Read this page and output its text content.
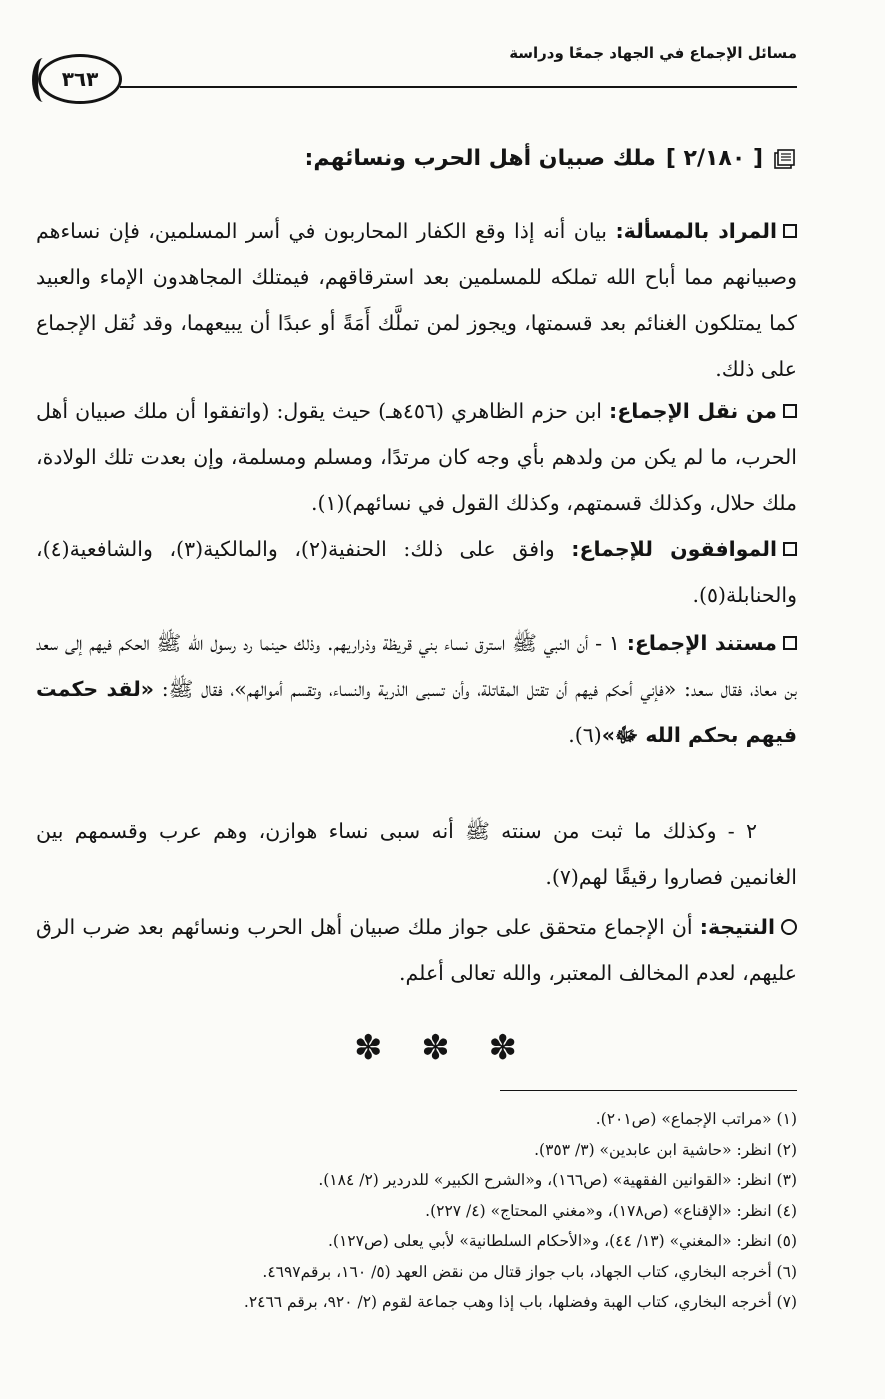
مسائل الإجماع في الجهاد جمعًا ودراسة
٣٦٣
[ ٢/١٨٠ ]
ملك صبيان أهل الحرب ونسائهم:

المراد بالمسألة: بيان أنه إذا وقع الكفار المحاربون في أسر المسلمين، فإن نساءهم وصبيانهم مما أباح الله تملكه للمسلمين بعد استرقاقهم، فيمتلك المجاهدون الإماء والعبيد كما يمتلكون الغنائم بعد قسمتها، ويجوز لمن تملَّك أَمَةً أو عبدًا أن يبيعهما، وقد نُقل الإجماع على ذلك.

من نقل الإجماع: ابن حزم الظاهري (٤٥٦هـ) حيث يقول: (واتفقوا أن ملك صبيان أهل الحرب، ما لم يكن من ولدهم بأي وجه كان مرتدًا، ومسلم ومسلمة، وإن بعدت تلك الولادة، ملك حلال، وكذلك قسمتهم، وكذلك القول في نسائهم)(١).

الموافقون للإجماع: وافق على ذلك: الحنفية(٢)، والمالكية(٣)، والشافعية(٤)، والحنابلة(٥).

مستند الإجماع: ١ - أن النبي ﷺ استرق نساء بني قريظة وذراريهم. وذلك حينما رد رسول الله ﷺ الحكم فيهم إلى سعد بن معاذ، فقال سعد: «فإني أحكم فيهم أن تقتل المقاتلة، وأن تسبى الذرية والنساء، وتقسم أموالهم»، فقال ﷺ: «لقد حكمت فيهم بحكم الله ﷻ»(٦).

٢ - وكذلك ما ثبت من سنته ﷺ أنه سبى نساء هوازن، وهم عرب وقسمهم بين الغانمين فصاروا رقيقًا لهم(٧).

النتيجة: أن الإجماع متحقق على جواز ملك صبيان أهل الحرب ونسائهم بعد ضرب الرق عليهم، لعدم المخالف المعتبر، والله تعالى أعلم.

✽ ✽ ✽
(١) «مراتب الإجماع» (ص٢٠١).
(٢) انظر: «حاشية ابن عابدين» (٣/ ٣٥٣).
(٣) انظر: «القوانين الفقهية» (ص١٦٦)، و«الشرح الكبير» للدردير (٢/ ١٨٤).
(٤) انظر: «الإقناع» (ص١٧٨)، و«مغني المحتاج» (٤/ ٢٢٧).
(٥) انظر: «المغني» (١٣/ ٤٤)، و«الأحكام السلطانية» لأبي يعلى (ص١٢٧).
(٦) أخرجه البخاري، كتاب الجهاد، باب جواز قتال من نقض العهد (٥/ ١٦٠، برقم٤٦٩٧.
(٧) أخرجه البخاري، كتاب الهبة وفضلها، باب إذا وهب جماعة لقوم (٢/ ٩٢٠، برقم ٢٤٦٦.
